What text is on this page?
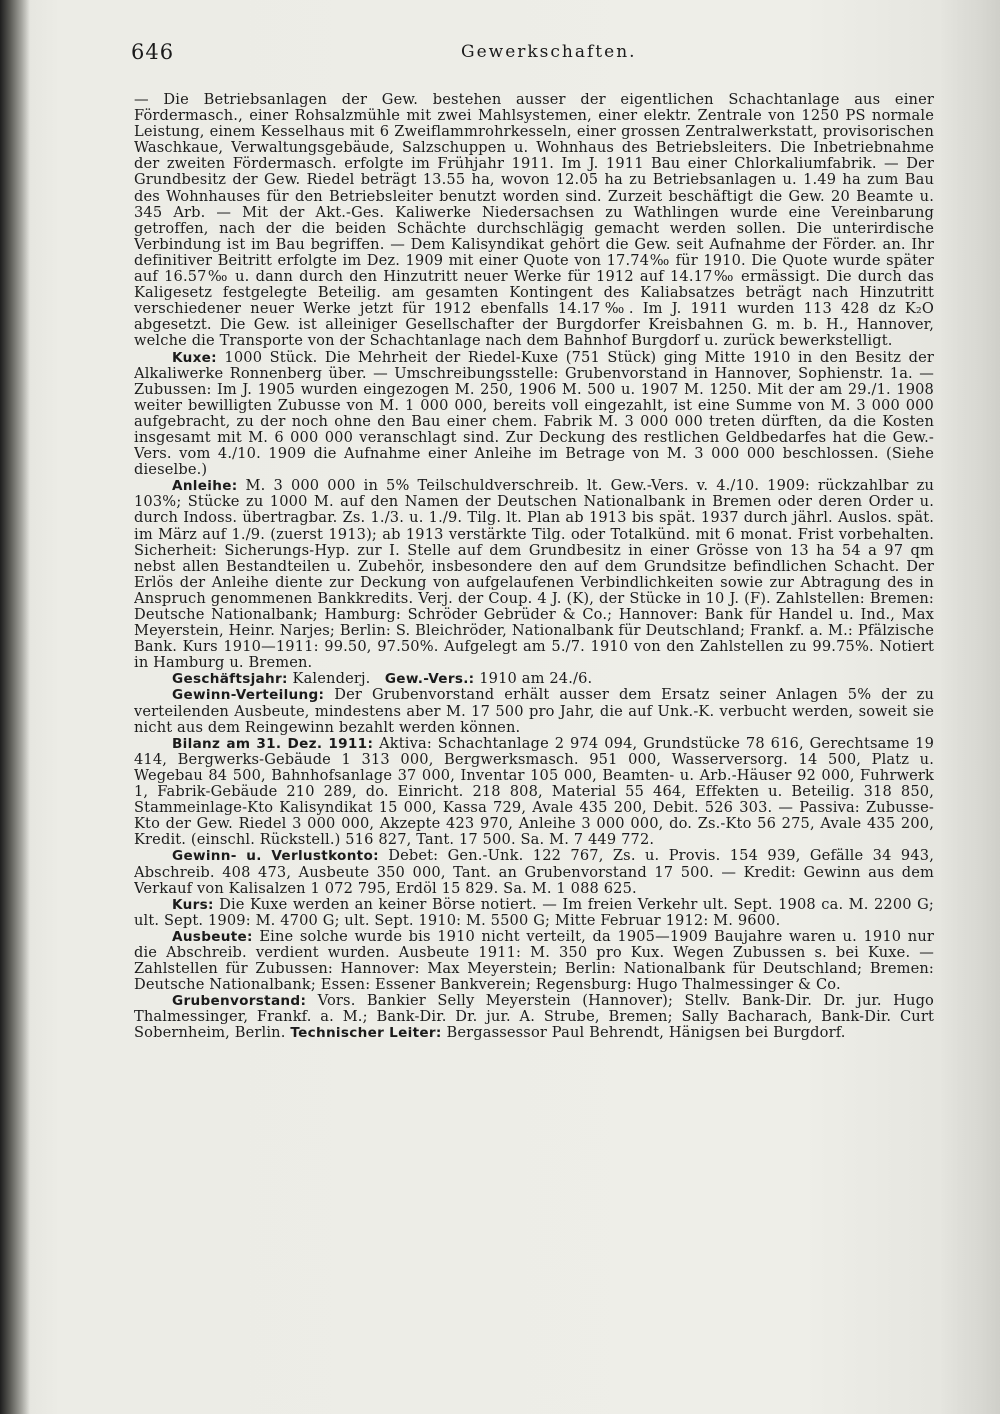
646	Gewerkschaften.

— Die Betriebsanlagen der Gew. bestehen ausser der eigentlichen Schachtanlage aus einer Fördermasch., einer Rohsalzmühle mit zwei Mahlsystemen, einer elektr. Zentrale von 1250 PS normale Leistung, einem Kesselhaus mit 6 Zweiflammrohrkesseln, einer grossen Zentralwerkstatt, provisorischen Waschkaue, Verwaltungsgebäude, Salzschuppen u. Wohnhaus des Betriebsleiters. Die Inbetriebnahme der zweiten Fördermasch. erfolgte im Frühjahr 1911. Im J. 1911 Bau einer Chlorkaliumfabrik. — Der Grundbesitz der Gew. Riedel beträgt 13.55 ha, wovon 12.05 ha zu Betriebsanlagen u. 1.49 ha zum Bau des Wohnhauses für den Betriebsleiter benutzt worden sind. Zurzeit beschäftigt die Gew. 20 Beamte u. 345 Arb. — Mit der Akt.-Ges. Kaliwerke Niedersachsen zu Wathlingen wurde eine Vereinbarung getroffen, nach der die beiden Schächte durchschlägig gemacht werden sollen. Die unterirdische Verbindung ist im Bau begriffen. — Dem Kalisyndikat gehört die Gew. seit Aufnahme der Förder. an. Ihr definitiver Beitritt erfolgte im Dez. 1909 mit einer Quote von 17.74‰ für 1910. Die Quote wurde später auf 16.57‰ u. dann durch den Hinzutritt neuer Werke für 1912 auf 14.17‰ ermässigt. Die durch das Kaligesetz festgelegte Beteilig. am gesamten Kontingent des Kaliabsatzes beträgt nach Hinzutritt verschiedener neuer Werke jetzt für 1912 ebenfalls 14.17‰. Im J. 1911 wurden 113 428 dz K₂O abgesetzt. Die Gew. ist alleiniger Gesellschafter der Burgdorfer Kreisbahnen G. m. b. H., Hannover, welche die Transporte von der Schachtanlage nach dem Bahnhof Burgdorf u. zurück bewerkstelligt.

Kuxe: 1000 Stück. Die Mehrheit der Riedel-Kuxe (751 Stück) ging Mitte 1910 in den Besitz der Alkaliwerke Ronnenberg über. — Umschreibungsstelle: Grubenvorstand in Hannover, Sophienstr. 1a. — Zubussen: Im J. 1905 wurden eingezogen M. 250, 1906 M. 500 u. 1907 M. 1250. Mit der am 29./1. 1908 weiter bewilligten Zubusse von M. 1 000 000, bereits voll eingezahlt, ist eine Summe von M. 3 000 000 aufgebracht, zu der noch ohne den Bau einer chem. Fabrik M. 3 000 000 treten dürften, da die Kosten insgesamt mit M. 6 000 000 veranschlagt sind. Zur Deckung des restlichen Geldbedarfes hat die Gew.-Vers. vom 4./10. 1909 die Aufnahme einer Anleihe im Betrage von M. 3 000 000 beschlossen. (Siehe dieselbe.)

Anleihe: M. 3 000 000 in 5% Teilschuldverschreib. lt. Gew.-Vers. v. 4./10. 1909: rückzahlbar zu 103%; Stücke zu 1000 M. auf den Namen der Deutschen Nationalbank in Bremen oder deren Order u. durch Indoss. übertragbar. Zs. 1./3. u. 1./9. Tilg. lt. Plan ab 1913 bis spät. 1937 durch jährl. Auslos. spät. im März auf 1./9. (zuerst 1913); ab 1913 verstärkte Tilg. oder Totalkünd. mit 6 monat. Frist vorbehalten. Sicherheit: Sicherungs-Hyp. zur I. Stelle auf dem Grundbesitz in einer Grösse von 13 ha 54 a 97 qm nebst allen Bestandteilen u. Zubehör, insbesondere den auf dem Grundsitze befindlichen Schacht. Der Erlös der Anleihe diente zur Deckung von aufgelaufenen Verbindlichkeiten sowie zur Abtragung des in Anspruch genommenen Bankkredits. Verj. der Coup. 4 J. (K), der Stücke in 10 J. (F). Zahlstellen: Bremen: Deutsche Nationalbank; Hamburg: Schröder Gebrüder & Co.; Hannover: Bank für Handel u. Ind., Max Meyerstein, Heinr. Narjes; Berlin: S. Bleichröder, Nationalbank für Deutschland; Frankf. a. M.: Pfälzische Bank. Kurs 1910—1911: 99.50, 97.50%. Aufgelegt am 5./7. 1910 von den Zahlstellen zu 99.75%. Notiert in Hamburg u. Bremen.

Geschäftsjahr: Kalenderj. Gew.-Vers.: 1910 am 24./6.

Gewinn-Verteilung: Der Grubenvorstand erhält ausser dem Ersatz seiner Anlagen 5% der zu verteilenden Ausbeute, mindestens aber M. 17 500 pro Jahr, die auf Unk.-K. verbucht werden, soweit sie nicht aus dem Reingewinn bezahlt werden können.

Bilanz am 31. Dez. 1911: Aktiva: Schachtanlage 2 974 094, Grundstücke 78 616, Gerechtsame 19 414, Bergwerks-Gebäude 1 313 000, Bergwerksmasch. 951 000, Wasserversorg. 14 500, Platz u. Wegebau 84 500, Bahnhofsanlage 37 000, Inventar 105 000, Beamten- u. Arb.-Häuser 92 000, Fuhrwerk 1, Fabrik-Gebäude 210 289, do. Einricht. 218 808, Material 55 464, Effekten u. Beteilig. 318 850, Stammeinlage-Kto Kalisyndikat 15 000, Kassa 729, Avale 435 200, Debit. 526 303. — Passiva: Zubusse-Kto der Gew. Riedel 3 000 000, Akzepte 423 970, Anleihe 3 000 000, do. Zs.-Kto 56 275, Avale 435 200, Kredit. (einschl. Rückstell.) 516 827, Tant. 17 500. Sa. M. 7 449 772.

Gewinn- u. Verlustkonto: Debet: Gen.-Unk. 122 767, Zs. u. Provis. 154 939, Gefälle 34 943, Abschreib. 408 473, Ausbeute 350 000, Tant. an Grubenvorstand 17 500. — Kredit: Gewinn aus dem Verkauf von Kalisalzen 1 072 795, Erdöl 15 829. Sa. M. 1 088 625.

Kurs: Die Kuxe werden an keiner Börse notiert. — Im freien Verkehr ult. Sept. 1908 ca. M. 2200 G; ult. Sept. 1909: M. 4700 G; ult. Sept. 1910: M. 5500 G; Mitte Februar 1912: M. 9600.

Ausbeute: Eine solche wurde bis 1910 nicht verteilt, da 1905—1909 Baujahre waren u. 1910 nur die Abschreib. verdient wurden. Ausbeute 1911: M. 350 pro Kux. Wegen Zubussen s. bei Kuxe. — Zahlstellen für Zubussen: Hannover: Max Meyerstein; Berlin: Nationalbank für Deutschland; Bremen: Deutsche Nationalbank; Essen: Essener Bankverein; Regensburg: Hugo Thalmessinger & Co.

Grubenvorstand: Vors. Bankier Selly Meyerstein (Hannover); Stellv. Bank-Dir. Dr. jur. Hugo Thalmessinger, Frankf. a. M.; Bank-Dir. Dr. jur. A. Strube, Bremen; Sally Bacharach, Bank-Dir. Curt Sobernheim, Berlin. Technischer Leiter: Bergassessor Paul Behrendt, Hänigsen bei Burgdorf.
